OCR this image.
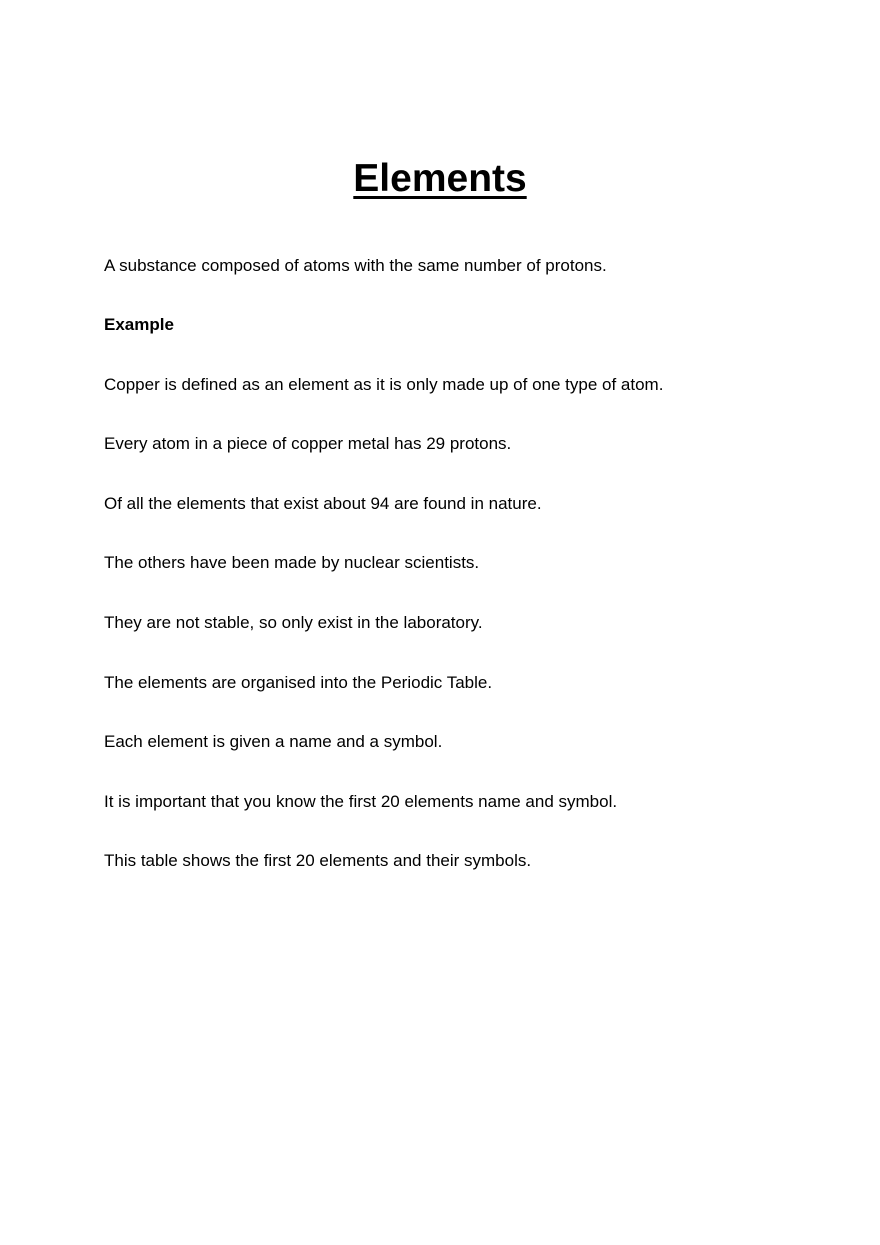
Elements

A substance composed of atoms with the same number of protons.

Example

Copper is defined as an element as it is only made up of one type of atom.

Every atom in a piece of copper metal has 29 protons.

Of all the elements that exist about 94 are found in nature.

The others have been made by nuclear scientists.

They are not stable, so only exist in the laboratory.

The elements are organised into the Periodic Table.

Each element is given a name and a symbol.

It is important that you know the first 20 elements name and symbol.

This table shows the first 20 elements and their symbols.
